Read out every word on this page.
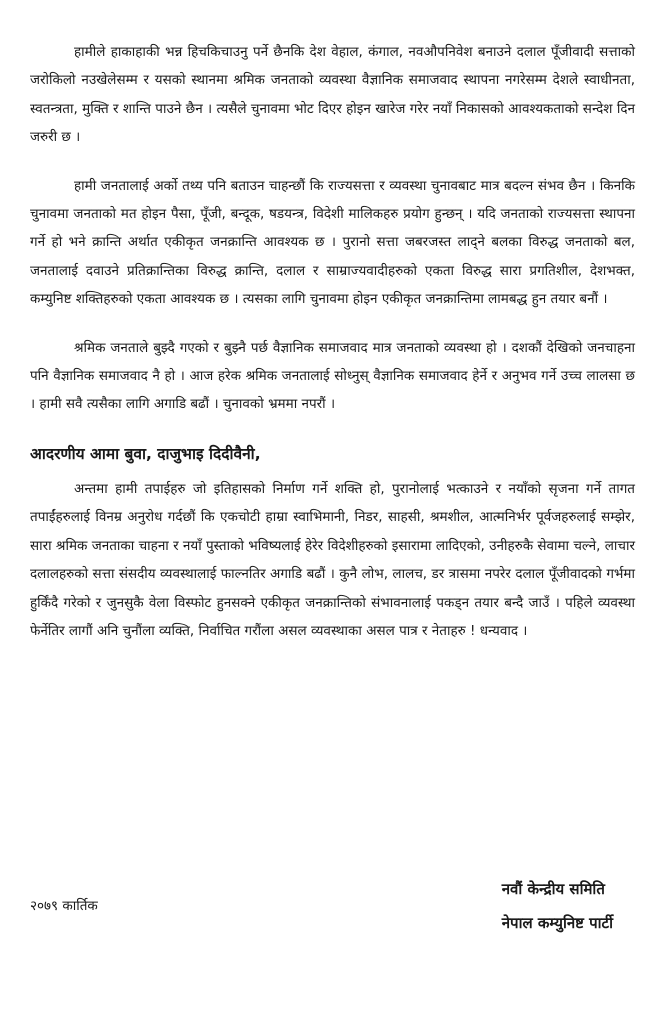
हामीले हाकाहाकी भन्न हिचकिचाउनु पर्ने छैनकि देश वेहाल, कंगाल, नवऔपनिवेश बनाउने दलाल पूँजीवादी सत्ताको जरोकिलो नउखेलेसम्म र यसको स्थानमा श्रमिक जनताको व्यवस्था वैज्ञानिक समाजवाद स्थापना नगरेसम्म देशले स्वाधीनता, स्वतन्त्रता, मुक्ति र शान्ति पाउने छैन । त्यसैले चुनावमा भोट दिएर होइन खारेज गरेर नयाँ निकासको आवश्यकताको सन्देश दिन जरुरी छ ।

हामी जनतालाई अर्को तथ्य पनि बताउन चाहन्छौं कि राज्यसत्ता र व्यवस्था चुनावबाट मात्र बदल्न संभव छैन । किनकि चुनावमा जनताको मत होइन पैसा, पूँजी, बन्दूक, षडयन्त्र, विदेशी मालिकहरु प्रयोग हुन्छन् । यदि जनताको राज्यसत्ता स्थापना गर्ने हो भने क्रान्ति अर्थात एकीकृत जनक्रान्ति आवश्यक छ । पुरानो सत्ता जबरजस्त लाद्ने बलका विरुद्ध जनताको बल, जनतालाई दवाउने प्रतिक्रान्तिका विरुद्ध क्रान्ति, दलाल र साम्राज्यवादीहरुको एकता विरुद्ध सारा प्रगतिशील, देशभक्त, कम्युनिष्ट शक्तिहरुको एकता आवश्यक छ । त्यसका लागि चुनावमा होइन एकीकृत जनक्रान्तिमा लामबद्ध हुन तयार बनौं ।

श्रमिक जनताले बुझ्दै गएको र बुझ्नै पर्छ वैज्ञानिक समाजवाद मात्र जनताको व्यवस्था हो । दशकौं देखिको जनचाहना पनि वैज्ञानिक समाजवाद नै हो । आज हरेक श्रमिक जनतालाई सोध्नुस् वैज्ञानिक समाजवाद हेर्ने र अनुभव गर्ने उच्च लालसा छ । हामी सवै त्यसैका लागि अगाडि बढौं । चुनावको भ्रममा नपरौं ।

आदरणीय आमा बुवा, दाजुभाइ दिदीवैनी,

अन्तमा हामी तपाईहरु जो इतिहासको निर्माण गर्ने शक्ति हो, पुरानोलाई भत्काउने र नयाँको सृजना गर्ने तागत तपाईंहरुलाई विनम्र अनुरोध गर्दछौं कि एकचोटी हाम्रा स्वाभिमानी, निडर, साहसी, श्रमशील, आत्मनिर्भर पूर्वजहरुलाई सम्झेर, सारा श्रमिक जनताका चाहना र नयाँ पुस्ताको भविष्यलाई हेरेर विदेशीहरुको इसारामा लादिएको, उनीहरुकै सेवामा चल्ने, लाचार दलालहरुको सत्ता संसदीय व्यवस्थालाई फाल्नतिर अगाडि बढौं । कुनै लोभ, लालच, डर त्रासमा नपरेर दलाल पूँजीवादको गर्भमा हुर्किंदै गरेको र जुनसुकै वेला विस्फोट हुनसक्ने एकीकृत जनक्रान्तिको संभावनालाई पकड्न तयार बन्दै जाउँ । पहिले व्यवस्था फेर्नेतिर लागौं अनि चुनौंला व्यक्ति, निर्वाचित गरौंला असल व्यवस्थाका असल पात्र र नेताहरु ! धन्यवाद ।

२०७९ कार्तिक
नवौं केन्द्रीय समिति
नेपाल कम्युनिष्ट पार्टी
